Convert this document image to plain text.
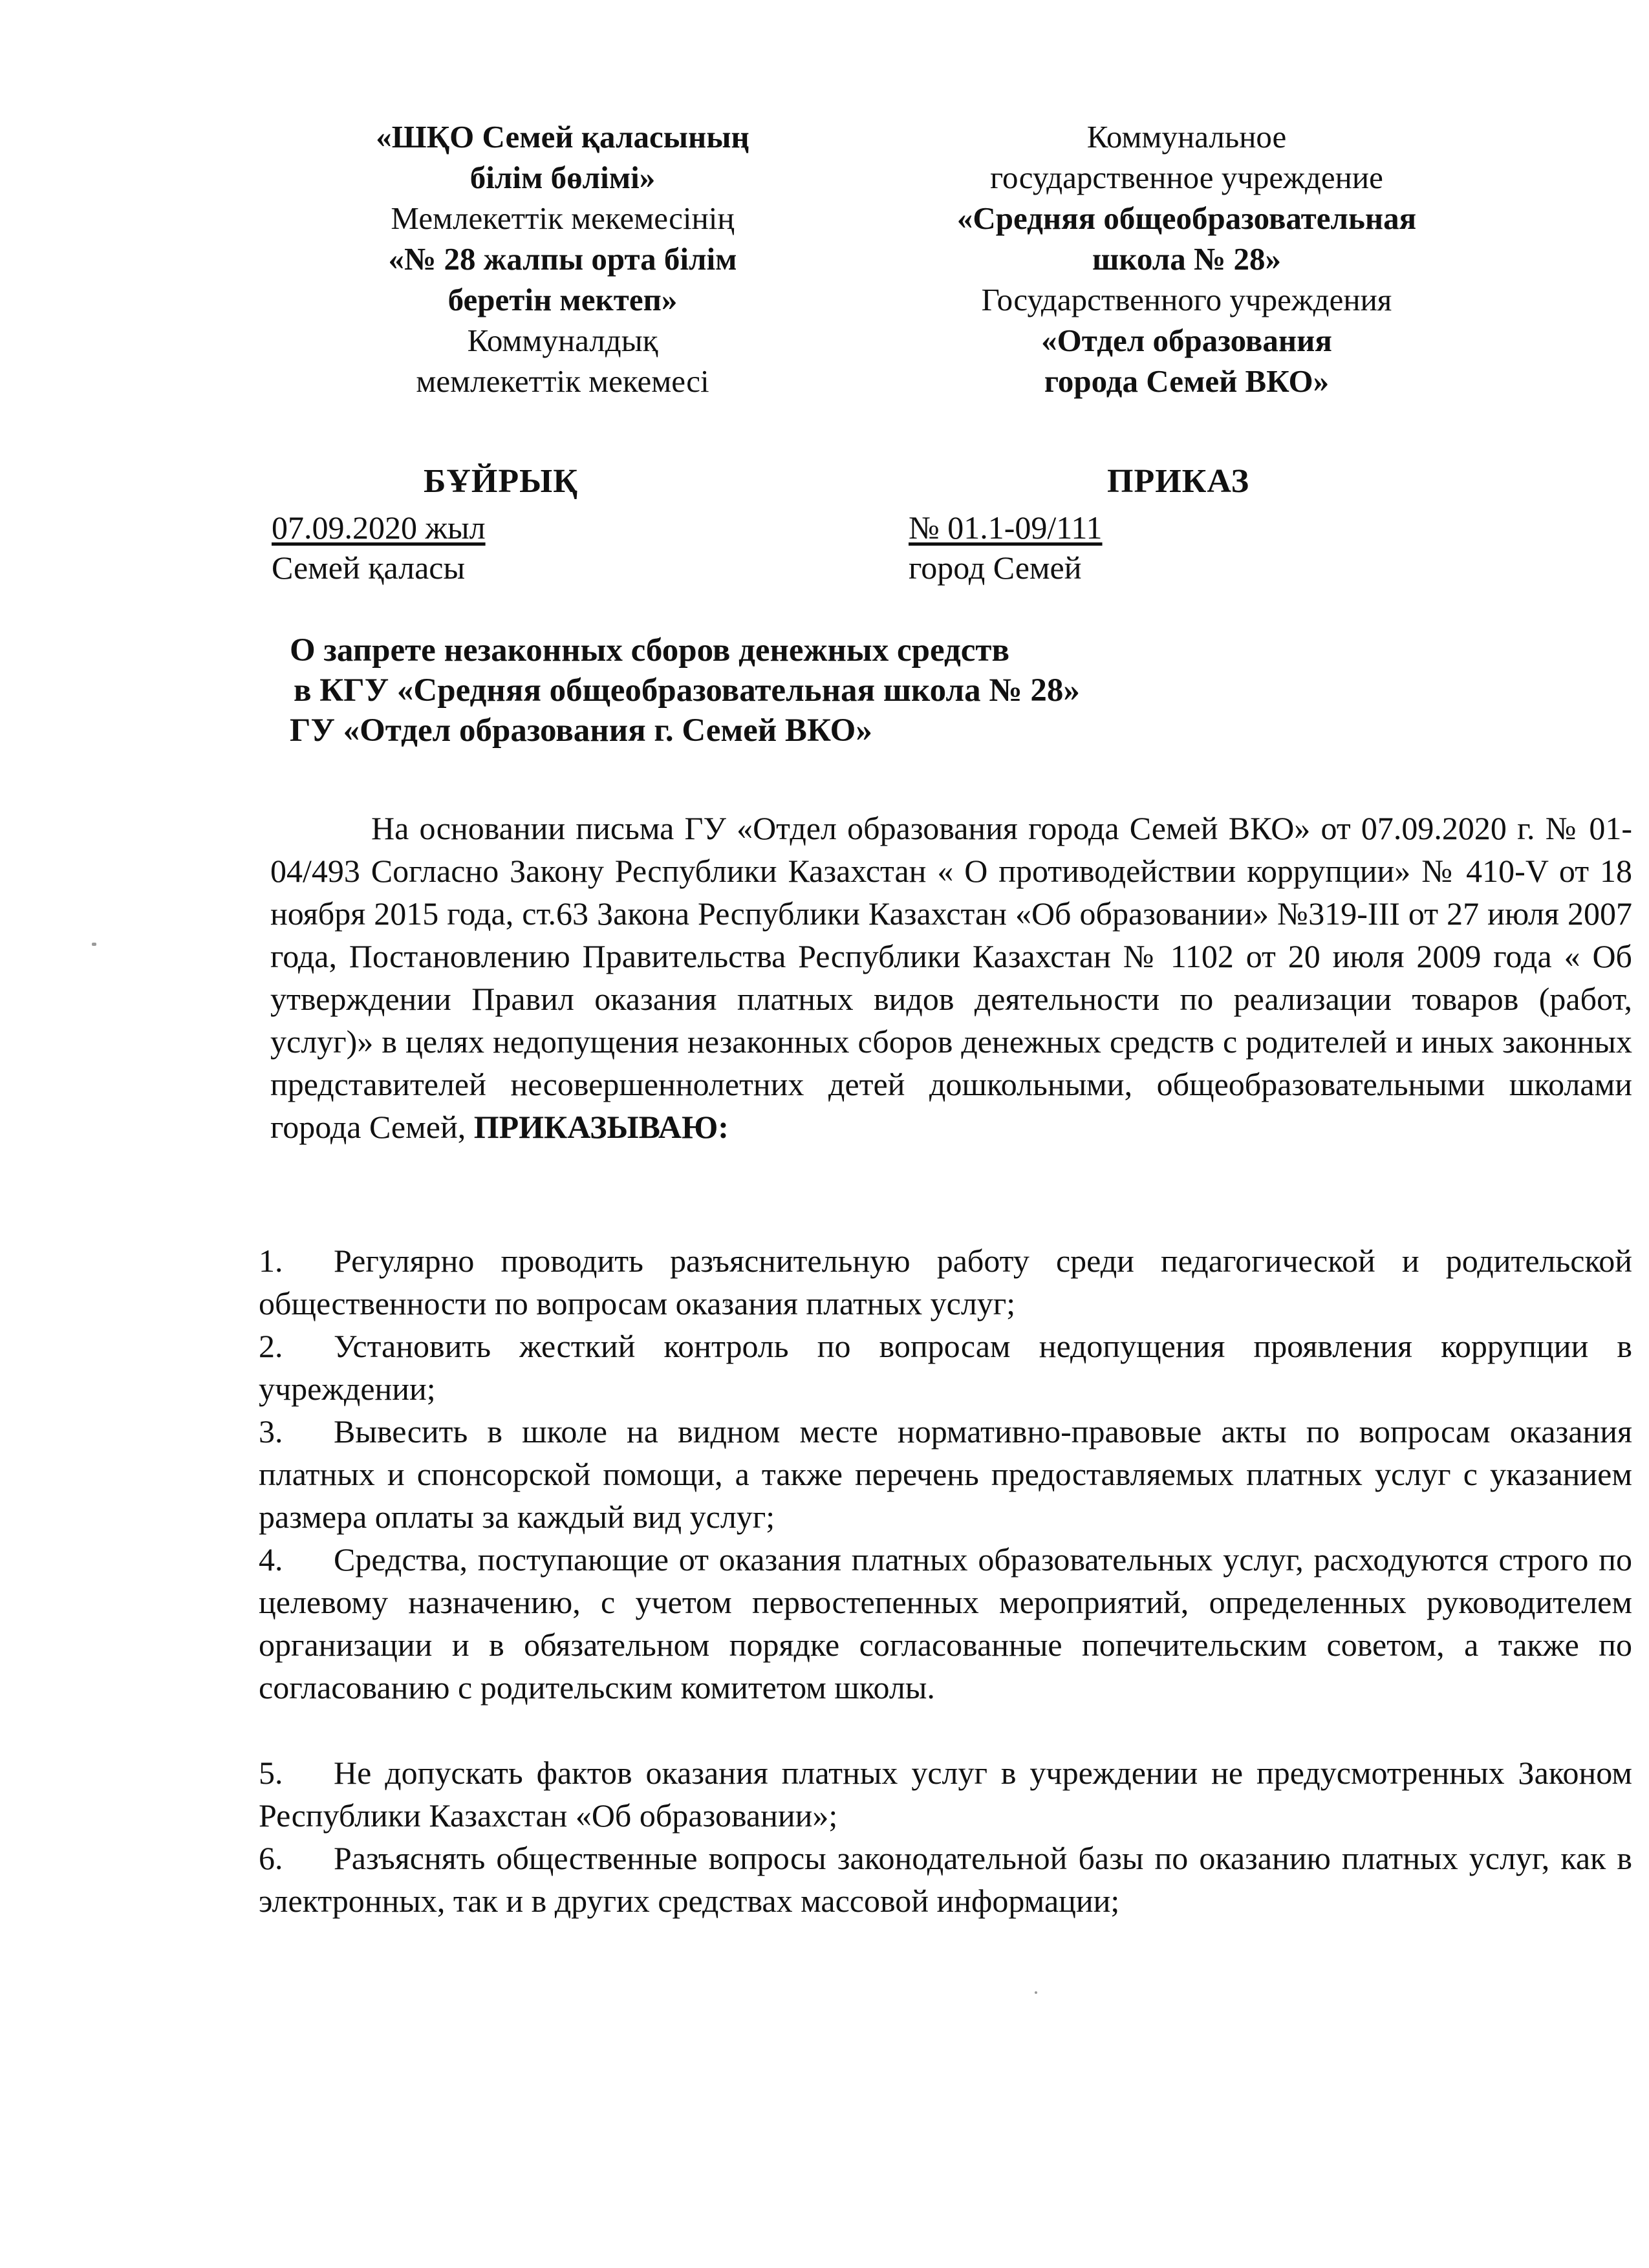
«ШҚО Семей қаласының
білім бөлімі»
Мемлекеттік мекемесінің
«№ 28 жалпы орта білім
беретін мектеп»
Коммуналдық
мемлекеттік мекемесі
Коммунальное
государственное учреждение
«Средняя общеобразовательная
школа № 28»
Государственного учреждения
«Отдел образования
города Семей ВКО»
БҰЙРЫҚ	ПРИКАЗ
07.09.2020 жыл
Семей қаласы
№ 01.1-09/111
город Семей
О запрете незаконных сборов денежных средств
в КГУ «Средняя общеобразовательная школа № 28»
ГУ «Отдел образования г. Семей ВКО»

На основании письма ГУ «Отдел образования города Семей ВКО» от 07.09.2020 г. № 01-04/493 Согласно Закону Республики Казахстан « О противодействии коррупции» № 410-V от 18 ноября 2015 года, ст.63 Закона Республики Казахстан «Об образовании» №319-III от 27 июля 2007 года, Постановлению Правительства Республики Казахстан № 1102 от 20 июля 2009 года « Об утверждении Правил оказания платных видов деятельности по реализации товаров (работ, услуг)» в целях недопущения незаконных сборов денежных средств с родителей и иных законных представителей несовершеннолетних детей дошкольными, общеобразовательными школами города Семей, ПРИКАЗЫВАЮ:

1. Регулярно проводить разъяснительную работу среди педагогической и родительской общественности по вопросам оказания платных услуг;

2. Установить жесткий контроль по вопросам недопущения проявления коррупции в учреждении;

3. Вывесить в школе на видном месте нормативно-правовые акты по вопросам оказания платных и спонсорской помощи, а также перечень предоставляемых платных услуг с указанием размера оплаты за каждый вид услуг;

4. Средства, поступающие от оказания платных образовательных услуг, расходуются строго по целевому назначению, с учетом первостепенных мероприятий, определенных руководителем организации и в обязательном порядке согласованные попечительским советом, а также по согласованию с родительским комитетом школы.

5. Не допускать фактов оказания платных услуг в учреждении не предусмотренных Законом Республики Казахстан «Об образовании»;

6. Разъяснять общественные вопросы законодательной базы по оказанию платных услуг, как в электронных, так и в других средствах массовой информации;
